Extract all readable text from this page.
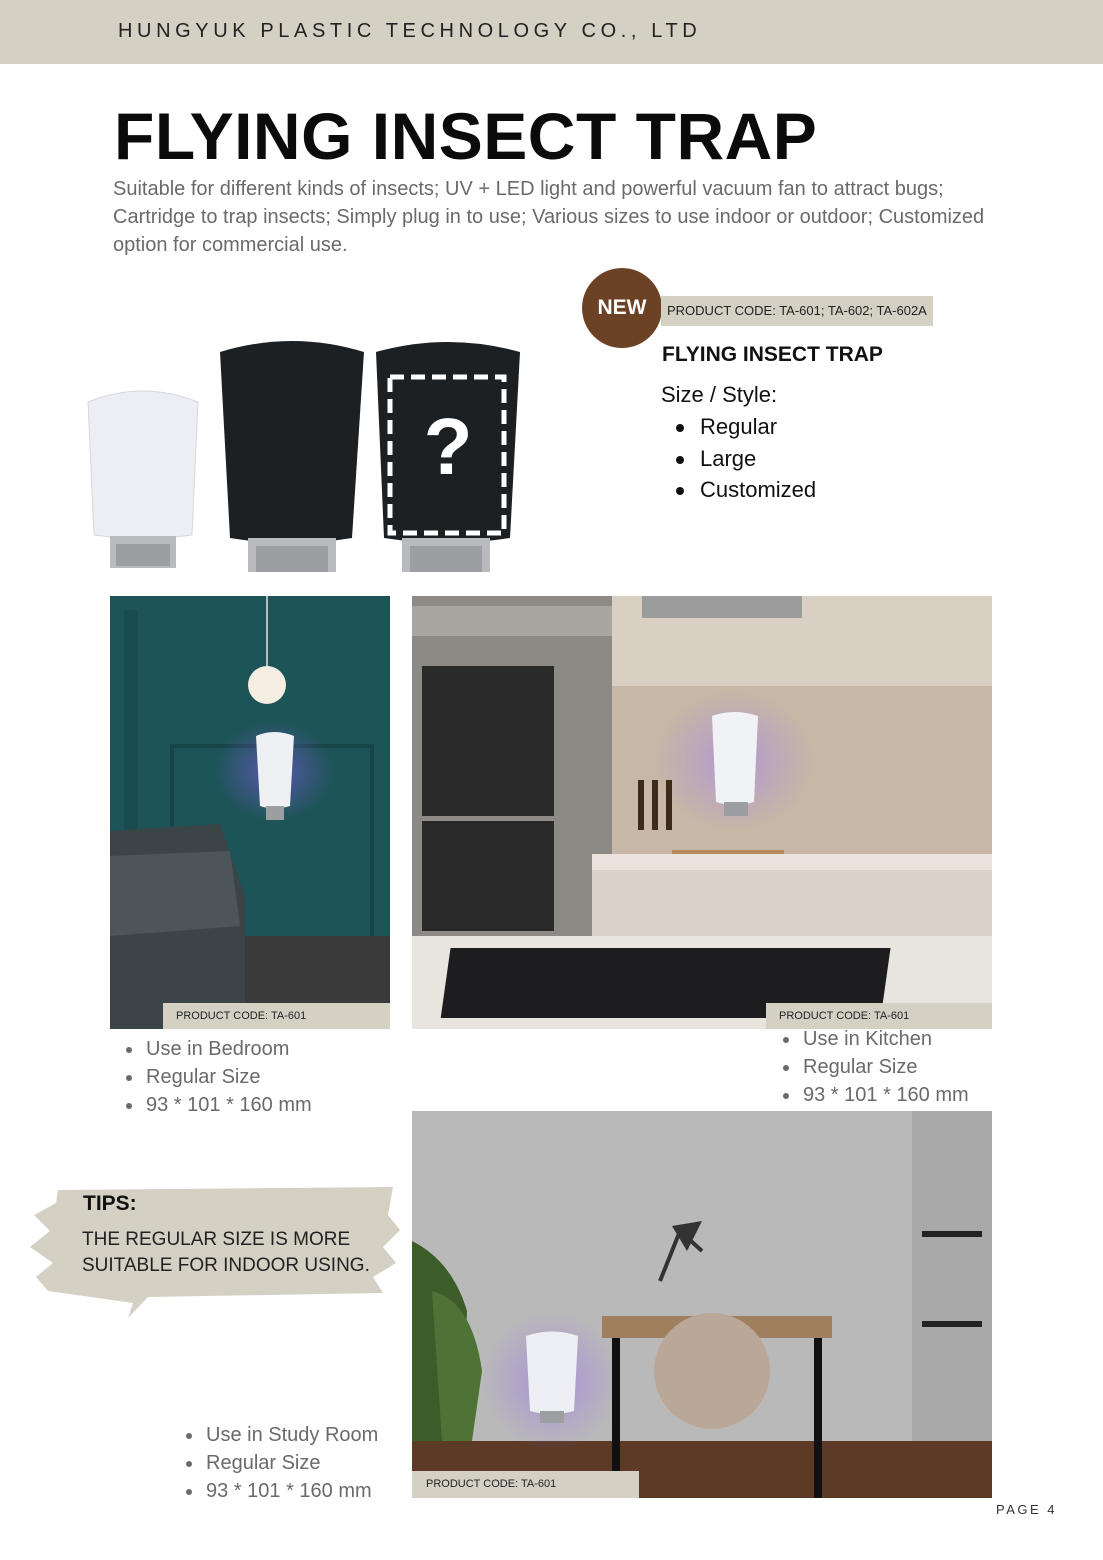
HUNGYUK PLASTIC TECHNOLOGY CO., LTD
FLYING INSECT TRAP
Suitable for different kinds of insects; UV + LED light and powerful vacuum fan to attract bugs; Cartridge to trap insects; Simply plug in to use; Various sizes to use indoor or outdoor; Customized option for commercial use.
?
NEW	PRODUCT CODE: TA-601; TA-602; TA-602A
FLYING INSECT TRAP
Size / Style:
Regular
Large
Customized
PRODUCT CODE: TA-601
Use in Bedroom
Regular Size
93 * 101 * 160 mm
PRODUCT CODE: TA-601
Use in Kitchen
Regular Size
93 * 101 * 160 mm
TIPS:
THE REGULAR SIZE IS MORE SUITABLE FOR INDOOR USING.
PRODUCT CODE: TA-601
Use in Study Room
Regular Size
93 * 101 * 160 mm
PAGE 4
